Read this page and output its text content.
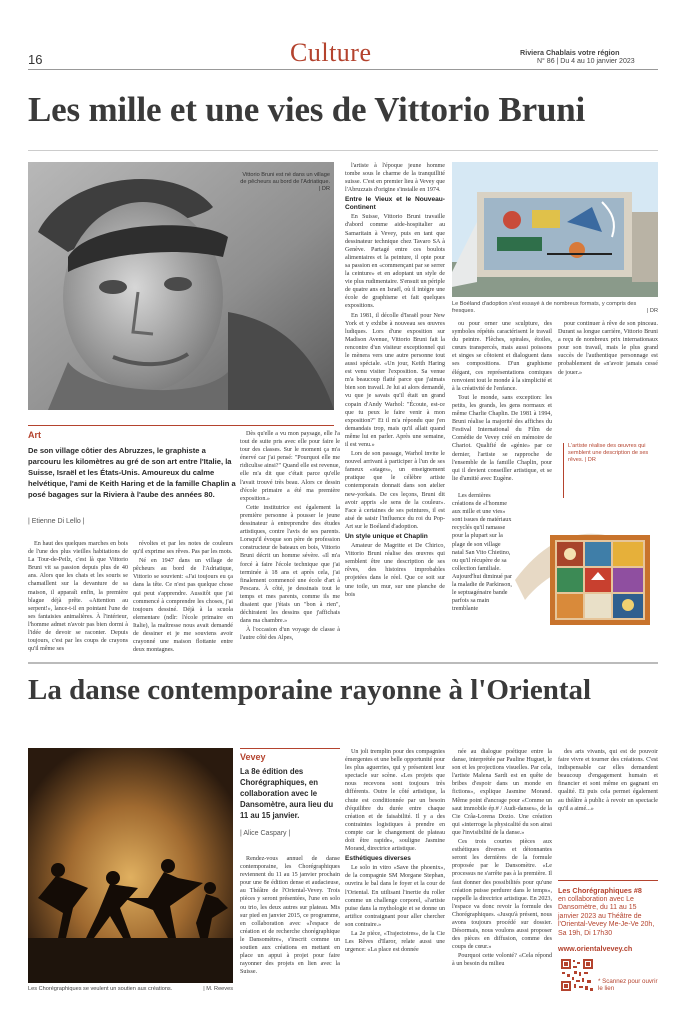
16	Culture	Riviera Chablais votre région
N° 86 | Du 4 au 10 janvier 2023
Les mille et une vies de Vittorio Bruni
Vittorio Bruni est né dans un village de pêcheurs au bord de l'Adriatique. | DR
Art
De son village côtier des Abruzzes, le graphiste a parcouru les kilomètres au gré de son art entre l'Italie, la Suisse, Israël et les États-Unis. Amoureux du calme helvétique, l'ami de Keith Haring et de la famille Chaplin a posé bagages sur la Riviera à l'aube des années 80.
| Etienne Di Lello |

En haut des quelques marches en bois de l'une des plus vieilles habitations de La Tour-de-Peilz, c'est là que Vittorio Bruni vit sa passion depuis plus de 40 ans. Alors que les chats et les souris se chamaillent sur la devanture de sa maison, il apparaît enfin, la première blague déjà prête. «Attention au serpent!», lance-t-il en pointant l'une de ses fantaisies animalières. À l'intérieur, l'homme admet n'avoir pas bien dormi à l'idée de devoir se raconter. Depuis toujours, c'est par les coups de crayons qu'il même ses

révoltes et par les notes de couleurs qu'il exprime ses rêves. Pas par les mots.

Né en 1947 dans un village de pêcheurs au bord de l'Adriatique, Vittorio se souvient: «J'ai toujours eu ça dans la tête. Ce n'est pas quelque chose qui peut s'apprendre. Aussitôt que j'ai commencé à comprendre les choses, j'ai toujours dessiné. Déjà à la scuola elementare (ndlr: l'école primaire en Italie), la maîtresse nous avait demandé de dessiner et je me souviens avoir crayonné une maison flottante entre deux montagnes.

Dès qu'elle a vu mon paysage, elle l'a tout de suite pris avec elle pour faire le tour des classes. Sur le moment ça m'a énervé car j'ai pensé: "Pourquoi elle me ridiculise ainsi?" Quand elle est revenue, elle m'a dit que c'était parce qu'elle l'avait trouvé très beau. Alors ce dessin d'école primaire a été ma première exposition.»

Cette institutrice est également la première personne à pousser le jeune dessinateur à entreprendre des études artistiques, contre l'avis de ses parents. Lorsqu'il évoque son père de profession constructeur de bateaux en bois, Vittorio Bruni décrit un homme sévère. «Il m'a forcé à faire l'école technique que j'ai terminée à 18 ans et après cela, j'ai finalement commencé une école d'art à Pescara. À côté, je dessinais tout le temps et mes parents, comme ils me disaient que j'étais un "bon à rien", déchiraient les dessins que j'affichais dans ma chambre.»

À l'occasion d'un voyage de classe à l'autre côté des Alpes,

l'artiste à l'époque jeune homme tombe sous le charme de la tranquillité suisse. C'est en premier lieu à Vevey que l'Abruzzais d'origine s'installe en 1974.

Entre le Vieux et le Nouveau-Continent

En Suisse, Vittorio Bruni travaille d'abord comme aide-hospitalier au Samaritain à Vevey, puis en tant que dessinateur technique chez Tavaro SA à Genève. Partagé entre ces boulots alimentaires et la peinture, il opte pour sa passion en «commençant par se serrer la ceinture» et en adoptant un style de vie plus rudimentaire. S'ensuit un périple de quatre ans en Israël, où il intègre une école de graphisme et fait quelques expositions.

En 1981, il décolle d'Israël pour New York et y exhibe à nouveau ses œuvres ludiques. Lors d'une exposition sur Madison Avenue, Vittorio Bruni fait la rencontre d'un visiteur exceptionnel qui le mènera vers une autre personne tout aussi spéciale. «Un jour, Keith Haring est venu visiter l'exposition. Sa venue m'a beaucoup flatté parce que j'aimais bien son travail. Je lui ai alors demandé, vu que je savais qu'il était un grand copain d'Andy Warhol: "Écoute, est-ce que tu peux le faire venir à mon exposition?" Et il m'a répondu que j'en demandais trop, mais qu'il allait quand même lui en parler. Après une semaine, il est venu.»

Lors de son passage, Warhol invite le nouvel arrivant à participer à l'un de ses fameux «stages», un enseignement pratique que le célèbre artiste contemporain donnait dans son atelier new-yorkais. De ces leçons, Bruni dit avoir appris «le sens de la couleur». Face à certaines de ses peintures, il est aisé de saisir l'influence du roi du Pop-Art sur le Boéland d'adoption.

Un style unique et Chaplin

Amateur de Magritte et De Chirico, Vittorio Bruni réalise des œuvres qui semblent être une description de ses rêves, des histoires improbables projetées dans le réel. Que ce soit sur une toile, un mur, sur une planche de bois

Le Boéland d'adoption s'est essayé à de nombreux formats, y compris des fresques.	| DR

ou pour orner une sculpture, des symboles répétés caractérisent le travail du peintre. Flèches, spirales, étoiles, cœurs transpercés, mais aussi poissons et singes se côtoient et dialoguent dans ses compositions. D'un graphisme élégant, ces représentations comiques renvoient tout le monde à la simplicité et à la créativité de l'enfance.

Tout le monde, sans exception: les petits, les grands, les gens normaux et même Charlie Chaplin. De 1981 à 1994, Bruni réalise la majorité des affiches du Festival International du Film de Comédie de Vevey créé en mémoire de Chariot. Qualifié de «génie» par ce dernier, l'artiste se rapproche de l'ensemble de la famille Chaplin, pour qui il devient conseiller artistique, et se lie d'amitié avec Eugène.

Les dernières créations de «l'homme aux mille et une vies» sont issues de matériaux recyclés qu'il ramasse pour la plupart sur la plage de son village natal San Vito Chietino, ou qu'il récupère de sa collection familiale. Aujourd'hui diminué par la maladie de Parkinson, le septuagénaire bande parfois sa main tremblante

pour continuer à rêve de son pinceau. Durant sa longue carrière, Vittorio Bruni a reçu de nombreux prix internationaux pour son travail, mais le plus grand succès de l'authentique personnage est probablement de «n'avoir jamais cessé de jouer.»

L'artiste réalise des œuvres qui semblent une description de ses rêves. | DR
La danse contemporaine rayonne à l'Oriental
Les Chorégraphiques se veulent un soutien aux créations.	| M. Reeves
Vevey
La 8e édition des Chorégraphiques, en collaboration avec le Dansomètre, aura lieu du 11 au 15 janvier.
| Alice Caspary |

Rendez-vous annuel de danse contemporaine, les Chorégraphiques reviennent du 11 au 15 janvier prochain pour une 8e édition dense et audacieuse, au Théâtre de l'Oriental-Vevey. Trois pièces y seront présentées, l'une en solo ou trio, les deux autres sur plateau. Mis sur pied en janvier 2015, ce programme, en collaboration avec «l'espace de création et de recherche chorégraphique le Dansomètre», s'inscrit comme un soutien aux créations en mettant en place un appui à projet pour faire rayonner des projets en lien avec la Suisse.

Un joli tremplin pour des compagnies émergentes et une belle opportunité pour les plus aguerries, qui y présentent leur spectacle sur scène. «Les projets que nous recevons sont toujours très différents. Outre le côté artistique, la chute est conditionnée par un besoin d'équilibre du durée entre chaque création et de faisabilité. Il y a des contraintes logistiques à prendre en compte car le changement de plateau doit être rapide», souligne Jasmine Morand, directrice artistique.

Esthétiques diverses

Le solo in vitro «Save the phoenix», de la compagnie SM Morgane Stephan, ouvrira le bal dans le foyer et la cour de l'Oriental. En utilisant l'inertie du roller comme un challenge corporel, «l'artiste puise dans la mythologie et se donne un artifice contraignant pour aller chercher son contraire.»

La 2e pièce, «Trajectoires», de la Cie Les Rêves d'Ilaror, relate aussi une urgence: «La place est donnée

née au dialogue poétique entre la danse, interprétée par Pauline Huguet, le son et les projections visuelles. Par cela, l'artiste Malena Sardi est en quête de bribes d'espoir dans un monde en fictions», explique Jasmine Morand. Même point d'ancrage pour «Comme un saut immobile ép.# / Audi-danses», de la Cie Crâa-Lorena Dozio. Une création qui «interroge la physicalité du son ainsi que l'invisibilité de la danse.»

Ces trois courtes pièces aux esthétiques diverses et détonnantes seront les dernières de la formule proposée par le Dansomètre. «Le processus ne s'arrête pas à la première. Il faut donner des possibilités pour qu'une création puisse perdurer dans le temps», rappelle la directrice artistique. En 2023, l'espace va donc revoir la formule des Chorégraphiques. «Jusqu'à présent, nous avons toujours procédé sur dossier. Désormais, nous voulons aussi proposer des pièces en diffusion, comme des coups de cœur.»

Pourquoi cette volonté? «Cela répond à un besoin du milieu

des arts vivants, qui est de pouvoir faire vivre et tourner des créations. C'est indispensable car elles demandent beaucoup d'engagement humain et financier et sont même en gagnant en qualité. Et puis cela permet également au théâtre à public à revoir un spectacle qu'il a aimé...»

Les Chorégraphiques #8
en collaboration avec Le Dansomètre, du 11 au 15 janvier 2023 au Théâtre de l'Oriental-Vevey Me-Je-Ve 20h, Sa 19h, Di 17h30
www.orientalvevey.ch
* Scannez pour ouvrir le lien
